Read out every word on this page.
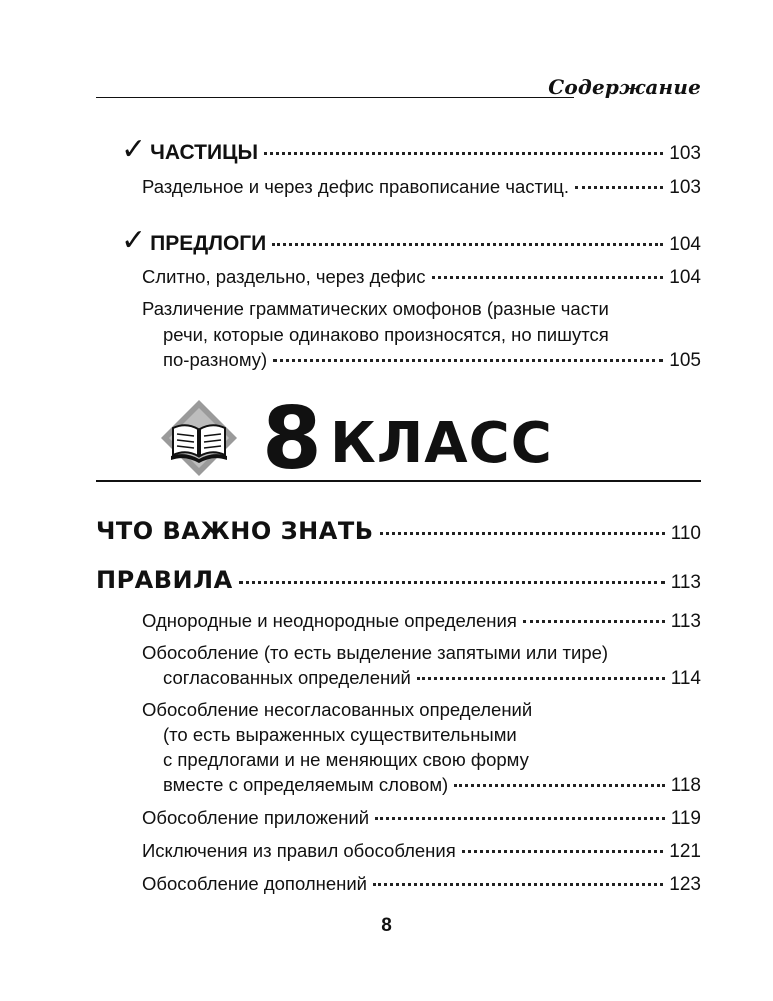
Содержание
✓ ЧАСТИЦЫ	103
Раздельное и через дефис правописание частиц.	103
✓ ПРЕДЛОГИ	104
Слитно, раздельно, через дефис	104
Различение грамматических омофонов (разные части
речи, которые одинаково произносятся, но пишутся
по-разному)	105
8 КЛАСС
ЧТО ВАЖНО ЗНАТЬ	110
ПРАВИЛА	113
Однородные и неоднородные определения	113
Обособление (то есть выделение запятыми или тире)
согласованных определений	114
Обособление несогласованных определений
(то есть выраженных существительными
с предлогами и не меняющих свою форму
вместе с определяемым словом)	118
Обособление приложений	119
Исключения из правил обособления	121
Обособление дополнений	123
8
